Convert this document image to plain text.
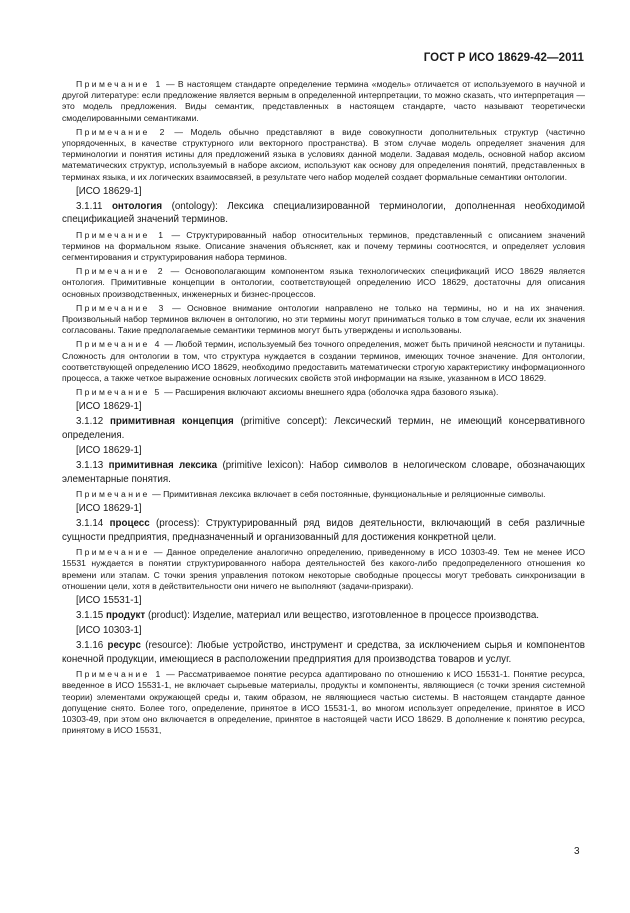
ГОСТ Р ИСО 18629-42—2011

Примечание 1 — В настоящем стандарте определение термина «модель» отличается от используемого в научной и другой литературе: если предложение является верным в определенной интерпретации, то можно сказать, что интерпретация — это модель предложения. Виды семантик, представленных в настоящем стандарте, часто называют теоретически смоделированными семантиками.

Примечание 2 — Модель обычно представляют в виде совокупности дополнительных структур (частично упорядоченных, в качестве структурного или векторного пространства). В этом случае модель определяет значения для терминологии и понятия истины для предложений языка в условиях данной модели. Задавая модель, основной набор аксиом математических структур, используемый в наборе аксиом, используют как основу для определения понятий, представленных в терминах языка, и их логических взаимосвязей, в результате чего набор моделей создает формальные семантики онтологии.

[ИСО 18629-1]

3.1.11 онтология (ontology): Лексика специализированной терминологии, дополненная необходимой спецификацией значений терминов.

Примечание 1 — Структурированный набор относительных терминов, представленный с описанием значений терминов на формальном языке. Описание значения объясняет, как и почему термины соотносятся, и определяет условия сегментирования и структурирования набора терминов.

Примечание 2 — Основополагающим компонентом языка технологических спецификаций ИСО 18629 является онтология. Примитивные концепции в онтологии, соответствующей определению ИСО 18629, достаточны для описания основных производственных, инженерных и бизнес-процессов.

Примечание 3 — Основное внимание онтологии направлено не только на термины, но и на их значения. Произвольный набор терминов включен в онтологию, но эти термины могут приниматься только в том случае, если их значения согласованы. Такие предполагаемые семантики терминов могут быть утверждены и использованы.

Примечание 4 — Любой термин, используемый без точного определения, может быть причиной неясности и путаницы. Сложность для онтологии в том, что структура нуждается в создании терминов, имеющих точное значение. Для онтологии, соответствующей определению ИСО 18629, необходимо предоставить математически строгую характеристику информационного процесса, а также четкое выражение основных логических свойств этой информации на языке, указанном в ИСО 18629.

Примечание 5 — Расширения включают аксиомы внешнего ядра (оболочка ядра базового языка).

[ИСО 18629-1]

3.1.12 примитивная концепция (primitive concept): Лексический термин, не имеющий консервативного определения.

[ИСО 18629-1]

3.1.13 примитивная лексика (primitive lexicon): Набор символов в нелогическом словаре, обозначающих элементарные понятия.

Примечание — Примитивная лексика включает в себя постоянные, функциональные и реляционные символы.

[ИСО 18629-1]

3.1.14 процесс (process): Структурированный ряд видов деятельности, включающий в себя различные сущности предприятия, предназначенный и организованный для достижения конкретной цели.

Примечание — Данное определение аналогично определению, приведенному в ИСО 10303-49. Тем не менее ИСО 15531 нуждается в понятии структурированного набора деятельностей без какого-либо предопределенного отношения ко времени или этапам. С точки зрения управления потоком некоторые свободные процессы могут требовать синхронизации в отношении цели, хотя в действительности они ничего не выполняют (задачи-призраки).

[ИСО 15531-1]

3.1.15 продукт (product): Изделие, материал или вещество, изготовленное в процессе производства.

[ИСО 10303-1]

3.1.16 ресурс (resource): Любые устройство, инструмент и средства, за исключением сырья и компонентов конечной продукции, имеющиеся в расположении предприятия для производства товаров и услуг.

Примечание 1 — Рассматриваемое понятие ресурса адаптировано по отношению к ИСО 15531-1. Понятие ресурса, введенное в ИСО 15531-1, не включает сырьевые материалы, продукты и компоненты, являющиеся (с точки зрения системной теории) элементами окружающей среды и, таким образом, не являющиеся частью системы. В настоящем стандарте данное допущение снято. Более того, определение, принятое в ИСО 15531-1, во многом использует определение, принятое в ИСО 10303-49, при этом оно включается в определение, принятое в настоящей части ИСО 18629. В дополнение к понятию ресурса, принятому в ИСО 15531,

3
